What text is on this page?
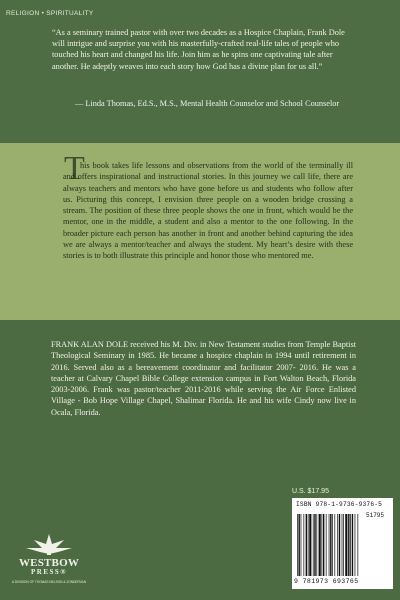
RELIGION • SPIRITUALITY

“As a seminary trained pastor with over two decades as a Hospice Chaplain, Frank Dole will intrigue and surprise you with his masterfully-crafted real-life tales of people who touched his heart and changed his life. Join him as he spins one captivating tale after another. He adeptly weaves into each story how God has a divine plan for us all.”

— Linda Thomas, Ed.S., M.S., Mental Health Counselor and School Counselor

T

his book takes life lessons and observations from the world of the terminally ill and offers inspirational and instructional stories. In this journey we call life, there are always teachers and mentors who have gone before us and students who follow after us. Picturing this concept, I envision three people on a wooden bridge crossing a stream. The position of these three people shows the one in front, which would be the mentor, one in the middle, a student and also a mentor to the one following. In the broader picture each person has another in front and another behind capturing the idea we are always a mentor/teacher and always the student. My heart’s desire with these stories is to both illustrate this principle and honor those who mentored me.

FRANK ALAN DOLE received his M. Div. in New Testament studies from Temple Baptist Theological Seminary in 1985. He became a hospice chaplain in 1994 until retirement in 2016. Served also as a bereavement coordinator and facilitator 2007- 2016. He was a teacher at Calvary Chapel Bible College extension campus in Fort Walton Beach, Florida 2003-2006. Frank was pastor/teacher 2011-2016 while serving the Air Force Enlisted Village - Bob Hope Village Chapel, Shalimar Florida. He and his wife Cindy now live in Ocala, Florida.

WESTBOW
PRESS®
A DIVISION OF THOMAS NELSON & ZONDERVAN
U.S. $17.95
ISBN 978-1-9736-9376-5
51795
9 781973 693765
